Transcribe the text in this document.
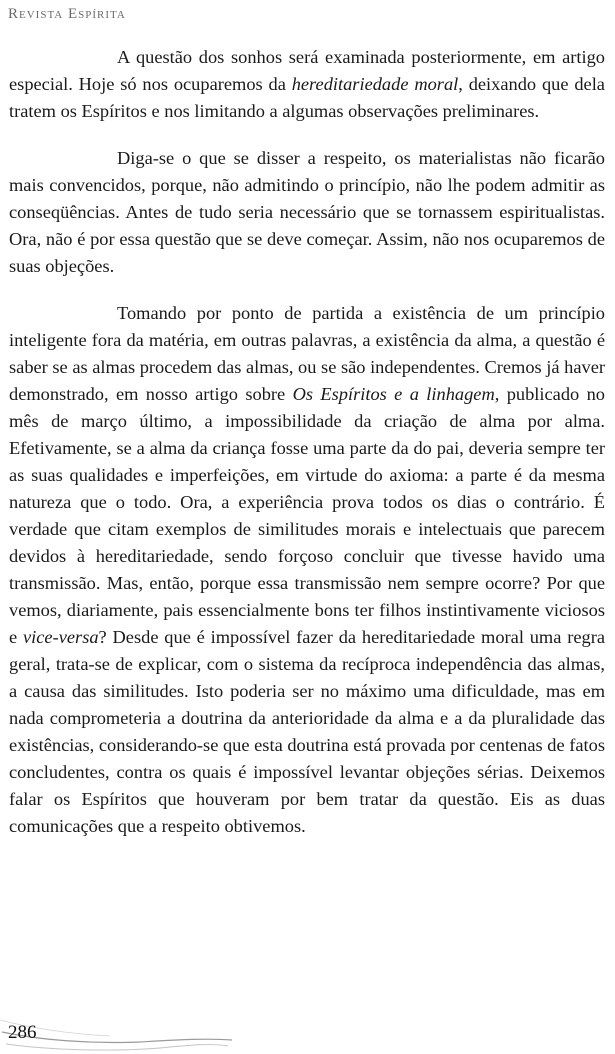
Revista Espírita

A questão dos sonhos será examinada posteriormente, em artigo especial. Hoje só nos ocuparemos da hereditariedade moral, deixando que dela tratem os Espíritos e nos limitando a algumas observações preliminares.

Diga-se o que se disser a respeito, os materialistas não ficarão mais convencidos, porque, não admitindo o princípio, não lhe podem admitir as conseqüências. Antes de tudo seria necessário que se tornassem espiritualistas. Ora, não é por essa questão que se deve começar. Assim, não nos ocuparemos de suas objeções.

Tomando por ponto de partida a existência de um princípio inteligente fora da matéria, em outras palavras, a existência da alma, a questão é saber se as almas procedem das almas, ou se são independentes. Cremos já haver demonstrado, em nosso artigo sobre Os Espíritos e a linhagem, publicado no mês de março último, a impossibilidade da criação de alma por alma. Efetivamente, se a alma da criança fosse uma parte da do pai, deveria sempre ter as suas qualidades e imperfeições, em virtude do axioma: a parte é da mesma natureza que o todo. Ora, a experiência prova todos os dias o contrário. É verdade que citam exemplos de similitudes morais e intelectuais que parecem devidos à hereditariedade, sendo forçoso concluir que tivesse havido uma transmissão. Mas, então, porque essa transmissão nem sempre ocorre? Por que vemos, diariamente, pais essencialmente bons ter filhos instintivamente viciosos e vice-versa? Desde que é impossível fazer da hereditariedade moral uma regra geral, trata-se de explicar, com o sistema da recíproca independência das almas, a causa das similitudes. Isto poderia ser no máximo uma dificuldade, mas em nada comprometeria a doutrina da anterioridade da alma e a da pluralidade das existências, considerando-se que esta doutrina está provada por centenas de fatos concludentes, contra os quais é impossível levantar objeções sérias. Deixemos falar os Espíritos que houveram por bem tratar da questão. Eis as duas comunicações que a respeito obtivemos.

286
